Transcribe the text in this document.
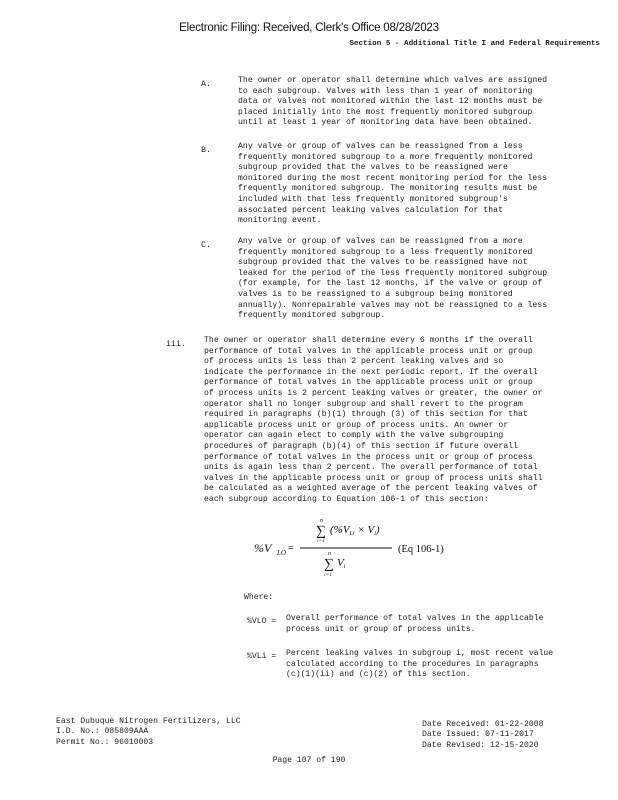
Electronic Filing: Received, Clerk's Office 08/28/2023
Section 5 - Additional Title I and Federal Requirements
A.	The owner or operator shall determine which valves are assigned
to each subgroup. Valves with less than 1 year of monitoring
data or valves not monitored within the last 12 months must be
placed initially into the most frequently monitored subgroup
until at least 1 year of monitoring data have been obtained.
B.	Any valve or group of valves can be reassigned from a less
frequently monitored subgroup to a more frequently monitored
subgroup provided that the valves to be reassigned were
monitored during the most recent monitoring period for the less
frequently monitored subgroup. The monitoring results must be
included with that less frequently monitored subgroup's
associated percent leaking valves calculation for that
monitoring event.
C.	Any valve or group of valves can be reassigned from a more
frequently monitored subgroup to a less frequently monitored
subgroup provided that the valves to be reassigned have not
leaked for the period of the less frequently monitored subgroup
(for example, for the last 12 months, if the valve or group of
valves is to be reassigned to a subgroup being monitored
annually). Nonrepairable valves may not be reassigned to a less
frequently monitored subgroup.
iii. The owner or operator shall determine every 6 months if the overall
performance of total valves in the applicable process unit or group
of process units is less than 2 percent leaking valves and so
indicate the performance in the next periodic report. If the overall
performance of total valves in the applicable process unit or group
of process units is 2 percent leaking valves or greater, the owner or
operator shall no longer subgroup and shall revert to the program
required in paragraphs (b)(1) through (3) of this section for that
applicable process unit or group of process units. An owner or
operator can again elect to comply with the valve subgrouping
procedures of paragraph (b)(4) of this section if future overall
performance of total valves in the process unit or group of process
units is again less than 2 percent. The overall performance of total
valves in the applicable process unit or group of process units shall
be calculated as a weighted average of the percent leaking valves of
each subgroup according to Equation 106-1 of this section:
%V LO =
n
∑
i=1
(%VLi × Vi)
n
∑
i=1
Vi
(Eq 106-1)
Where:
%VLO = Overall performance of total valves in the applicable
process unit or group of process units.
%VLi = Percent leaking valves in subgroup i, most recent value
calculated according to the procedures in paragraphs
(c)(1)(ii) and (c)(2) of this section.
East Dubuque Nitrogen Fertilizers, LLC
I.D. No.: 085809AAA
Permit No.: 96010003
Date Received: 01-22-2008
Date Issued: 07-11-2017
Date Revised: 12-15-2020
Page 107 of 190
